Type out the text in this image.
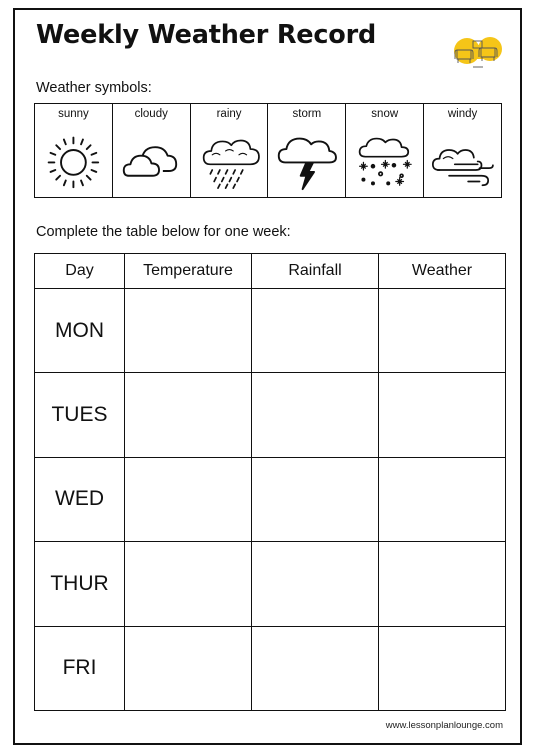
Weekly Weather Record
Weather symbols:
sunny	cloudy	rainy	storm	snow	windy
Complete the table below for one week:
Day	Temperature	Rainfall	Weather
MON			
TUES			
WED			
THUR			
FRI			
www.lessonplanlounge.com
